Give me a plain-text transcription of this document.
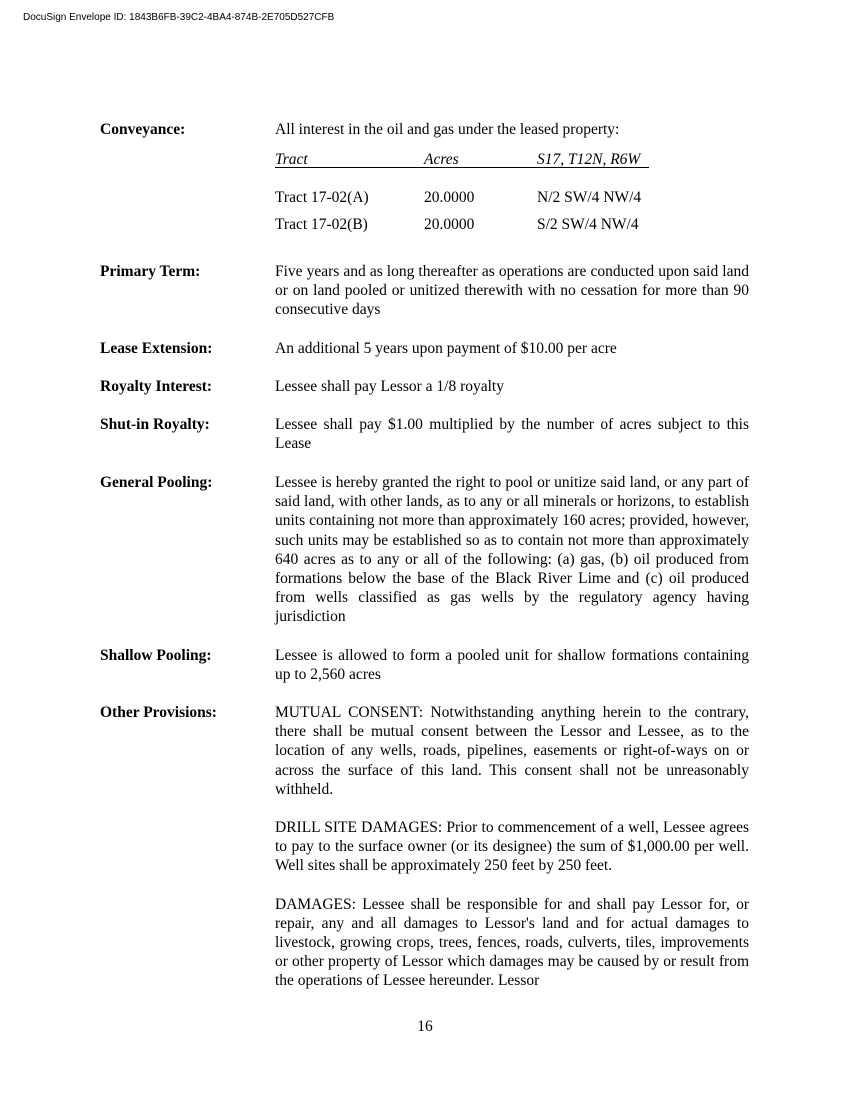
DocuSign Envelope ID: 1843B6FB-39C2-4BA4-874B-2E705D527CFB
Conveyance:	All interest in the oil and gas under the leased property:
Tract	Acres	S17, T12N, R6W
Tract 17-02(A)	20.0000	N/2 SW/4 NW/4
Tract 17-02(B)	20.0000	S/2 SW/4 NW/4
Primary Term:	Five years and as long thereafter as operations are conducted upon said land or on land pooled or unitized therewith with no cessation for more than 90 consecutive days
Lease Extension:	An additional 5 years upon payment of $10.00 per acre
Royalty Interest:	Lessee shall pay Lessor a 1/8 royalty
Shut-in Royalty:	Lessee shall pay $1.00 multiplied by the number of acres subject to this Lease
General Pooling:	Lessee is hereby granted the right to pool or unitize said land, or any part of said land, with other lands, as to any or all minerals or horizons, to establish units containing not more than approximately 160 acres; provided, however, such units may be established so as to contain not more than approximately 640 acres as to any or all of the following: (a) gas, (b) oil produced from formations below the base of the Black River Lime and (c) oil produced from wells classified as gas wells by the regulatory agency having jurisdiction
Shallow Pooling:	Lessee is allowed to form a pooled unit for shallow formations containing up to 2,560 acres
Other Provisions:	MUTUAL CONSENT: Notwithstanding anything herein to the contrary, there shall be mutual consent between the Lessor and Lessee, as to the location of any wells, roads, pipelines, easements or right-of-ways on or across the surface of this land. This consent shall not be unreasonably withheld.

DRILL SITE DAMAGES: Prior to commencement of a well, Lessee agrees to pay to the surface owner (or its designee) the sum of $1,000.00 per well. Well sites shall be approximately 250 feet by 250 feet.

DAMAGES: Lessee shall be responsible for and shall pay Lessor for, or repair, any and all damages to Lessor's land and for actual damages to livestock, growing crops, trees, fences, roads, culverts, tiles, improvements or other property of Lessor which damages may be caused by or result from the operations of Lessee hereunder. Lessor

16
